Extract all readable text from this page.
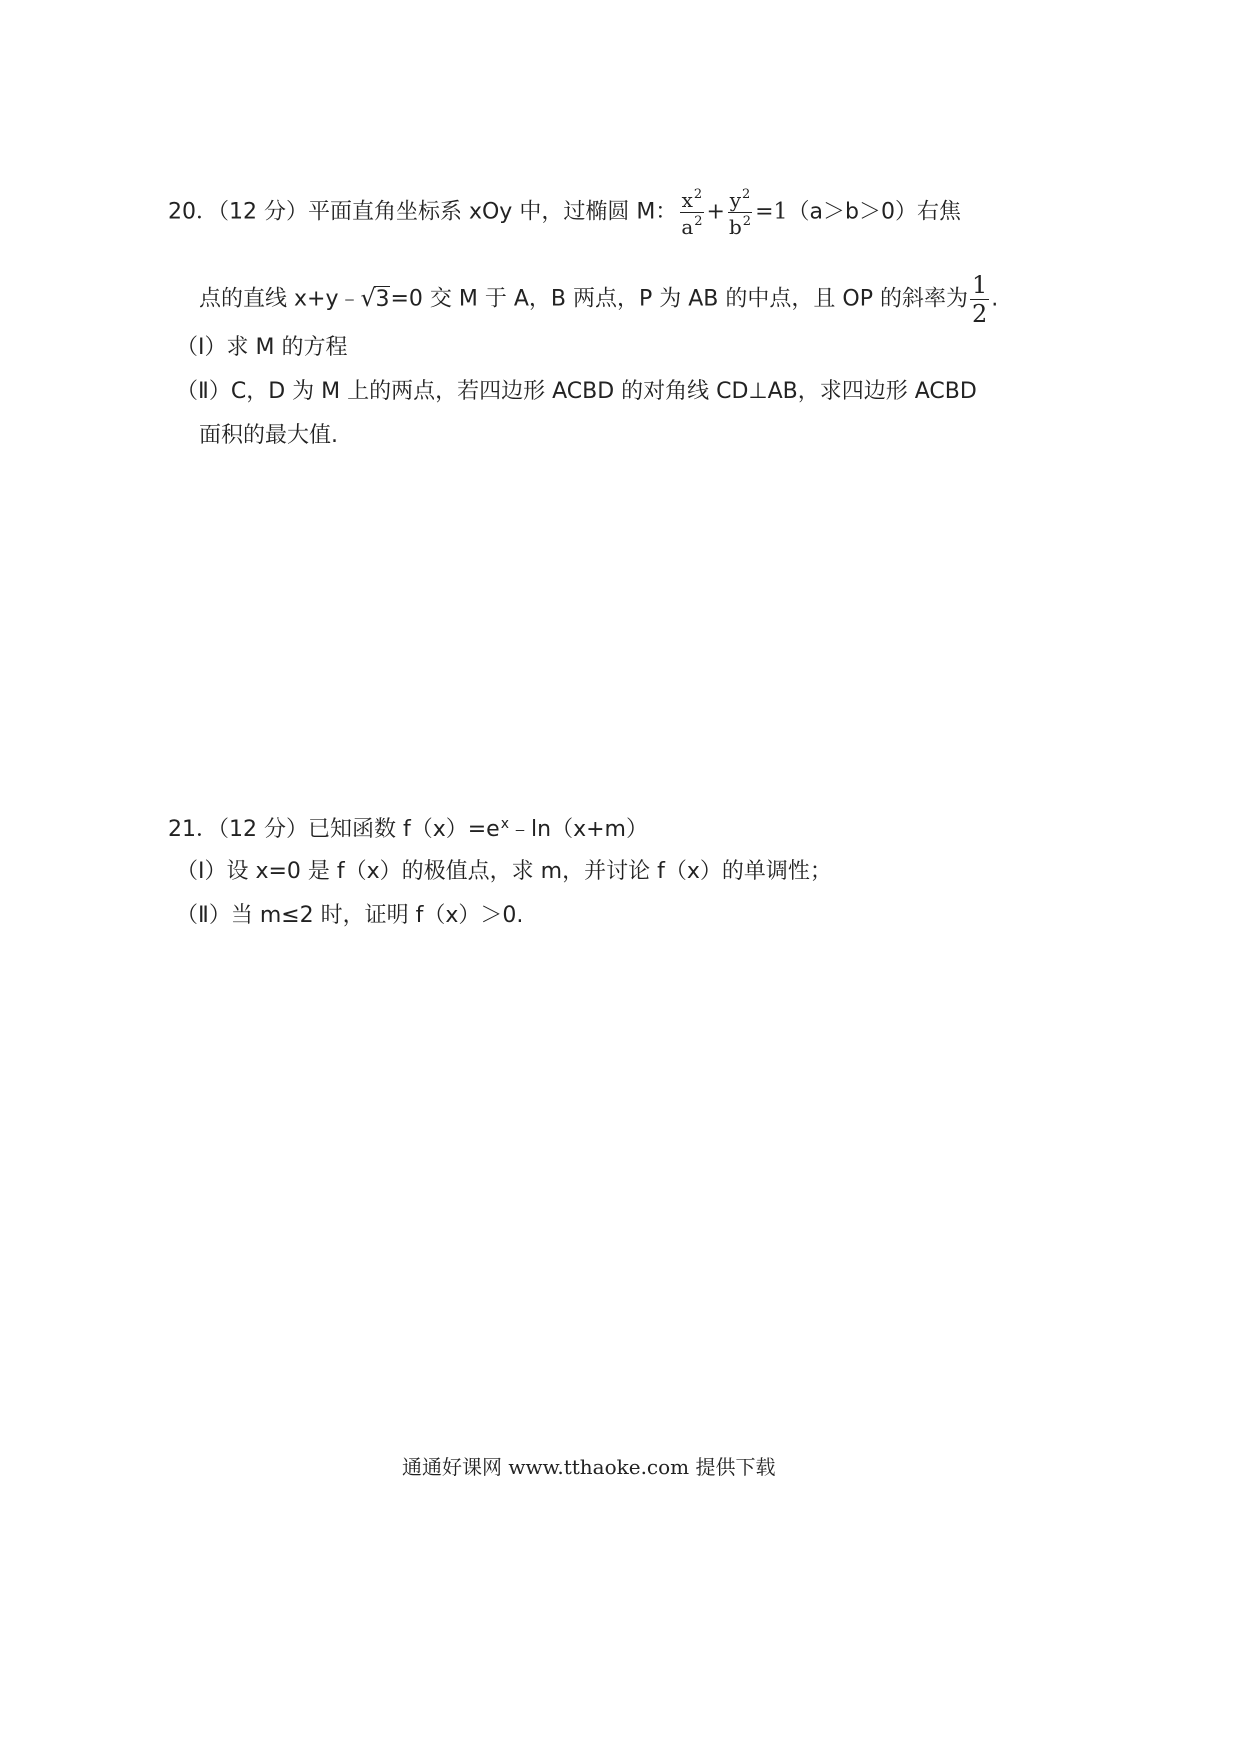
20．（12 分）平面直角坐标系 xOy 中，过椭圆 M： $\frac{x^2}{a^2} + \frac{y^2}{b^2} =1(a>b>0)$右焦
点的直线 x+y﹣ √ 3=0 交 M 于 A，B 两点，P 为 AB 的中点，且 OP 的斜率为 $\frac{1}{2}$ .
（Ⅰ）求 M 的方程
（Ⅱ）C，D 为 M 上的两点，若四边形 ACBD 的对角线 CD⊥AB，求四边形 ACBD
面积的最大值.
21．（12 分）已知函数 $f(x)=e^x﹣\ln(x+m)$
（I）设 x=0 是 f（x）的极值点，求 m，并讨论 f（x）的单调性；
（Ⅱ）当 m≤2 时，证明 f（x）＞0.
通通好课网 www.tthaoke.com 提供下载
